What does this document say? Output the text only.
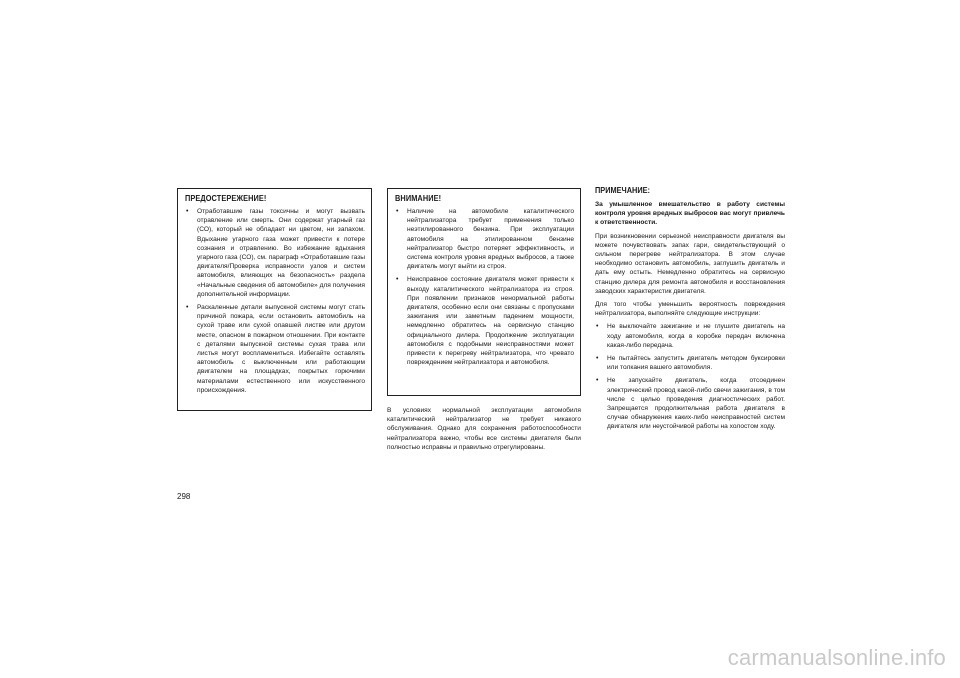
ПРЕДОСТЕРЕЖЕНИЕ!
• Отработавшие газы токсичны и могут вызвать отравление или смерть. Они содержат угарный газ (СО), который не обладает ни цветом, ни запахом. Вдыхание угарного газа может привести к потере сознания и отравлению. Во избежание вдыхания угарного газа (СО), см. параграф «Отработавшие газы двигателя/Проверка исправности узлов и систем автомобиля, влияющих на безопасность» раздела «Начальные сведения об автомобиле» для получения дополнительной информации.
• Раскаленные детали выпускной системы могут стать причиной пожара, если остановить автомобиль на сухой траве или сухой опавшей листве или другом месте, опасном в пожарном отношении. При контакте с деталями выпускной системы сухая трава или листья могут воспламениться. Избегайте оставлять автомобиль с выключенным или работающим двигателем на площадках, покрытых горючими материалами естественного или искусственного происхождения.
ВНИМАНИЕ!
• Наличие на автомобиле каталитического нейтрализатора требует применения только неэтилированного бензина. При эксплуатации автомобиля на этилированном бензине нейтрализатор быстро потеряет эффективность, и система контроля уровня вредных выбросов, а также двигатель могут выйти из строя.
• Неисправное состояние двигателя может привести к выходу каталитического нейтрализатора из строя. При появлении признаков ненормальной работы двигателя, особенно если они связаны с пропусками зажигания или заметным падением мощности, немедленно обратитесь на сервисную станцию официального дилера. Продолжение эксплуатации автомобиля с подобными неисправностями может привести к перегреву нейтрализатора, что чревато повреждением нейтрализатора и автомобиля.
В условиях нормальной эксплуатации автомобиля каталитический нейтрализатор не требует никакого обслуживания. Однако для сохранения работоспособности нейтрализатора важно, чтобы все системы двигателя были полностью исправны и правильно отрегулированы.
ПРИМЕЧАНИЕ:
За умышленное вмешательство в работу системы контроля уровня вредных выбросов вас могут привлечь к ответственности.
При возникновении серьезной неисправности двигателя вы можете почувствовать запах гари, свидетельствующий о сильном перегреве нейтрализатора. В этом случае необходимо остановить автомобиль, заглушить двигатель и дать ему остыть. Немедленно обратитесь на сервисную станцию дилера для ремонта автомобиля и восстановления заводских характеристик двигателя.
Для того чтобы уменьшить вероятность повреждения нейтрализатора, выполняйте следующие инструкции:
• Не выключайте зажигание и не глушите двигатель на ходу автомобиля, когда в коробке передач включена какая-либо передача.
• Не пытайтесь запустить двигатель методом буксировки или толкания вашего автомобиля.
• Не запускайте двигатель, когда отсоединен электрический провод какой-либо свечи зажигания, в том числе с целью проведения диагностических работ. Запрещается продолжительная работа двигателя в случае обнаружения каких-либо неисправностей систем двигателя или неустойчивой работы на холостом ходу.
298
carmanualsonline.info
